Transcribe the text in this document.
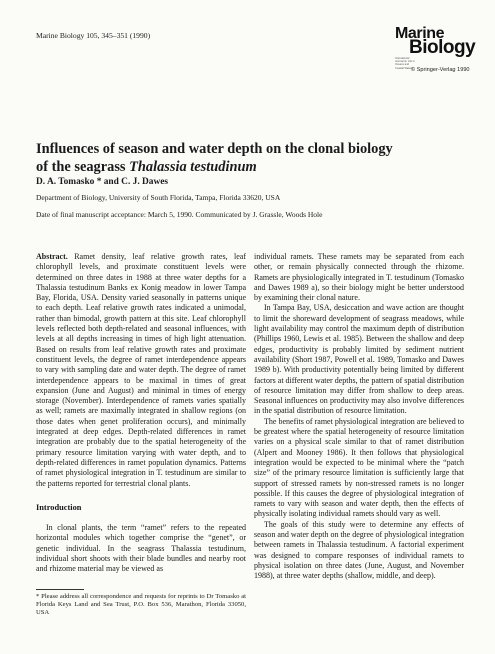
Marine Biology 105, 345–351 (1990)	Marine
Biology
International Journal on Life in Oceans and Coastal Waters
© Springer-Verlag 1990
Influences of season and water depth on the clonal biology
of the seagrass Thalassia testudinum
D. A. Tomasko * and C. J. Dawes
Department of Biology, University of South Florida, Tampa, Florida 33620, USA
Date of final manuscript acceptance: March 5, 1990. Communicated by J. Grassle, Woods Hole

Abstract. Ramet density, leaf relative growth rates, leaf chlorophyll levels, and proximate constituent levels were determined on three dates in 1988 at three water depths for a Thalassia testudinum Banks ex Konig meadow in lower Tampa Bay, Florida, USA. Density varied seasonally in patterns unique to each depth. Leaf relative growth rates indicated a unimodal, rather than bimodal, growth pattern at this site. Leaf chlorophyll levels reflected both depth-related and seasonal influences, with levels at all depths increasing in times of high light attenuation. Based on results from leaf relative growth rates and proximate constituent levels, the degree of ramet interdependence appears to vary with sampling date and water depth. The degree of ramet interdependence appears to be maximal in times of great expansion (June and August) and minimal in times of energy storage (November). Interdependence of ramets varies spatially as well; ramets are maximally integrated in shallow regions (on those dates when genet proliferation occurs), and minimally integrated at deep edges. Depth-related differences in ramet integration are probably due to the spatial heterogeneity of the primary resource limitation varying with water depth, and to depth-related differences in ramet population dynamics. Patterns of ramet physiological integration in T. testudinum are similar to the patterns reported for terrestrial clonal plants.

Introduction

In clonal plants, the term “ramet” refers to the repeated horizontal modules which together comprise the “genet”, or genetic individual. In the seagrass Thalassia testudinum, individual short shoots with their blade bundles and nearby root and rhizome material may be viewed as

individual ramets. These ramets may be separated from each other, or remain physically connected through the rhizome. Ramets are physiologically integrated in T. testudinum (Tomasko and Dawes 1989 a), so their biology might be better understood by examining their clonal nature.

In Tampa Bay, USA, desiccation and wave action are thought to limit the shoreward development of seagrass meadows, while light availability may control the maximum depth of distribution (Phillips 1960, Lewis et al. 1985). Between the shallow and deep edges, productivity is probably limited by sediment nutrient availability (Short 1987, Powell et al. 1989, Tomasko and Dawes 1989 b). With productivity potentially being limited by different factors at different water depths, the pattern of spatial distribution of resource limitation may differ from shallow to deep areas. Seasonal influences on productivity may also involve differences in the spatial distribution of resource limitation.

The benefits of ramet physiological integration are believed to be greatest where the spatial heterogeneity of resource limitation varies on a physical scale similar to that of ramet distribution (Alpert and Mooney 1986). It then follows that physiological integration would be expected to be minimal where the “patch size” of the primary resource limitation is sufficiently large that support of stressed ramets by non-stressed ramets is no longer possible. If this causes the degree of physiological integration of ramets to vary with season and water depth, then the effects of physically isolating individual ramets should vary as well.

The goals of this study were to determine any effects of season and water depth on the degree of physiological integration between ramets in Thalassia testudinum. A factorial experiment was designed to compare responses of individual ramets to physical isolation on three dates (June, August, and November 1988), at three water depths (shallow, middle, and deep).

* Please address all correspondence and requests for reprints to Dr Tomasko at Florida Keys Land and Sea Trust, P.O. Box 536, Marathon, Florida 33050, USA
